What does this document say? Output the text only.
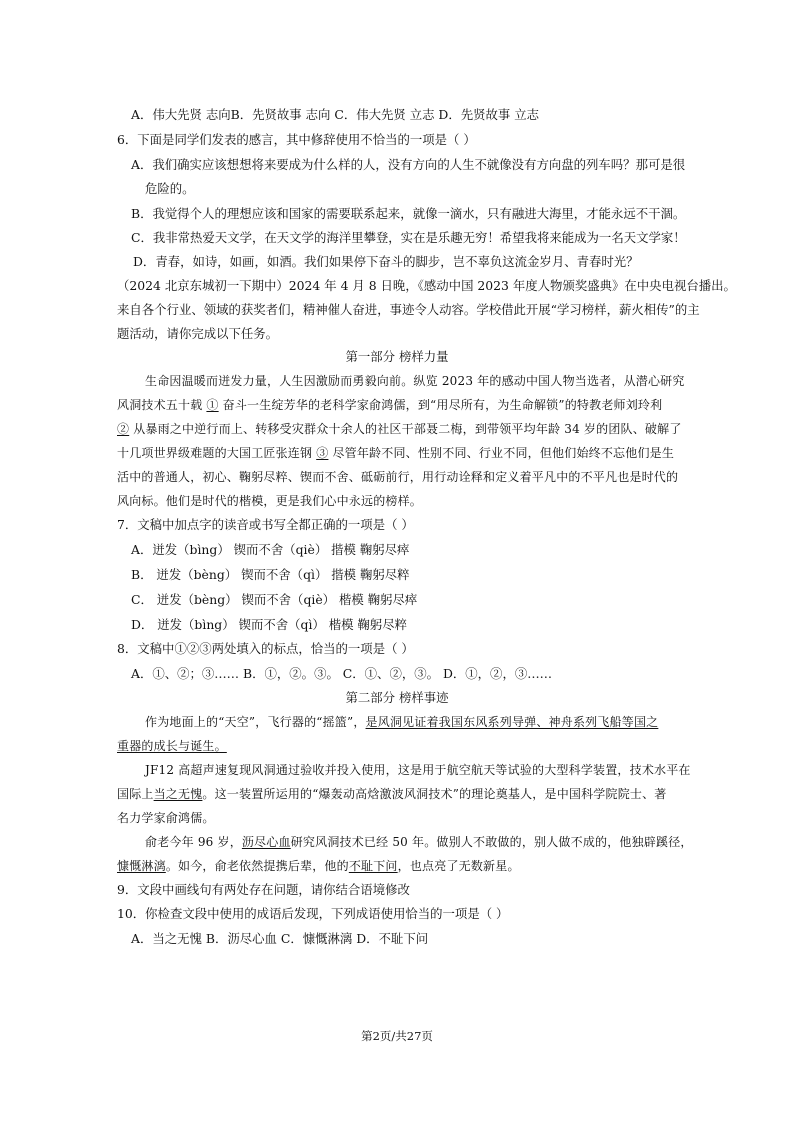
A．伟大先贤 志向B．先贤故事 志向 C．伟大先贤 立志 D．先贤故事 立志
6．下面是同学们发表的感言，其中修辞使用不恰当的一项是（ ）
A．我们确实应该想想将来要成为什么样的人，没有方向的人生不就像没有方向盘的列车吗？那可是很
危险的。
B．我觉得个人的理想应该和国家的需要联系起来，就像一滴水，只有融进大海里，才能永远不干涸。
C．我非常热爱天文学，在天文学的海洋里攀登，实在是乐趣无穷！希望我将来能成为一名天文学家！
D．青春，如诗，如画，如酒。我们如果停下奋斗的脚步，岂不辜负这流金岁月、青春时光？
（2024 北京东城初一下期中）2024 年 4 月 8 日晚，《感动中国 2023 年度人物颁奖盛典》在中央电视台播出。
来自各个行业、领域的获奖者们，精神催人奋进，事迹令人动容。学校借此开展“学习榜样，薪火相传”的主
题活动，请你完成以下任务。
第一部分 榜样力量
生命因温暖而迸发力量，人生因激励而勇毅向前。纵览 2023 年的感动中国人物当选者，从潜心研究
风洞技术五十载 ① 奋斗一生绽芳华的老科学家俞鸿儒，到“用尽所有，为生命解锁”的特教老师刘玲利
② 从暴雨之中逆行而上、转移受灾群众十余人的社区干部聂二梅，到带领平均年龄 34 岁的团队、破解了
十几项世界级难题的大国工匠张连钢 ③ 尽管年龄不同、性别不同、行业不同，但他们始终不忘他们是生
活中的普通人，初心、鞠躬尽粹、锲而不舍、砥砺前行，用行动诠释和定义着平凡中的不平凡也是时代的
风向标。他们是时代的楷模，更是我们心中永远的榜样。
7．文稿中加点字的读音或书写全都正确的一项是（ ）
A．迸发（bìng） 锲而不舍（qiè） 揩模 鞠躬尽瘁
B． 迸发（bèng） 锲而不舍（qì） 揩模 鞠躬尽粹
C． 迸发（bèng） 锲而不舍（qiè） 楷模 鞠躬尽瘁
D． 迸发（bìng） 锲而不舍（qì） 楷模 鞠躬尽粹
8．文稿中①②③两处填入的标点，恰当的一项是（ ）
A．①、②；③…… B．①，②。③。 C．①、②，③。 D．①，②，③……
第二部分 榜样事迹
作为地面上的“天空”，飞行器的“摇篮”，是风洞见证着我国东风系列导弹、神舟系列飞船等国之
重器的成长与诞生。
JF12 高超声速复现风洞通过验收并投入使用，这是用于航空航天等试验的大型科学装置，技术水平在
国际上当之无愧。这一装置所运用的“爆轰动高焓激波风洞技术”的理论奠基人，是中国科学院院士、著
名力学家俞鸿儒。
俞老今年 96 岁，沥尽心血研究风洞技术已经 50 年。做别人不敢做的，别人做不成的，他独辟蹊径，
慷慨淋漓。如今，俞老依然提携后辈，他的不耻下问，也点亮了无数新星。
9．文段中画线句有两处存在问题，请你结合语境修改
10．你检查文段中使用的成语后发现，下列成语使用恰当的一项是（ ）
A．当之无愧 B．沥尽心血 C．慷慨淋漓 D．不耻下问
第2页/共27页
